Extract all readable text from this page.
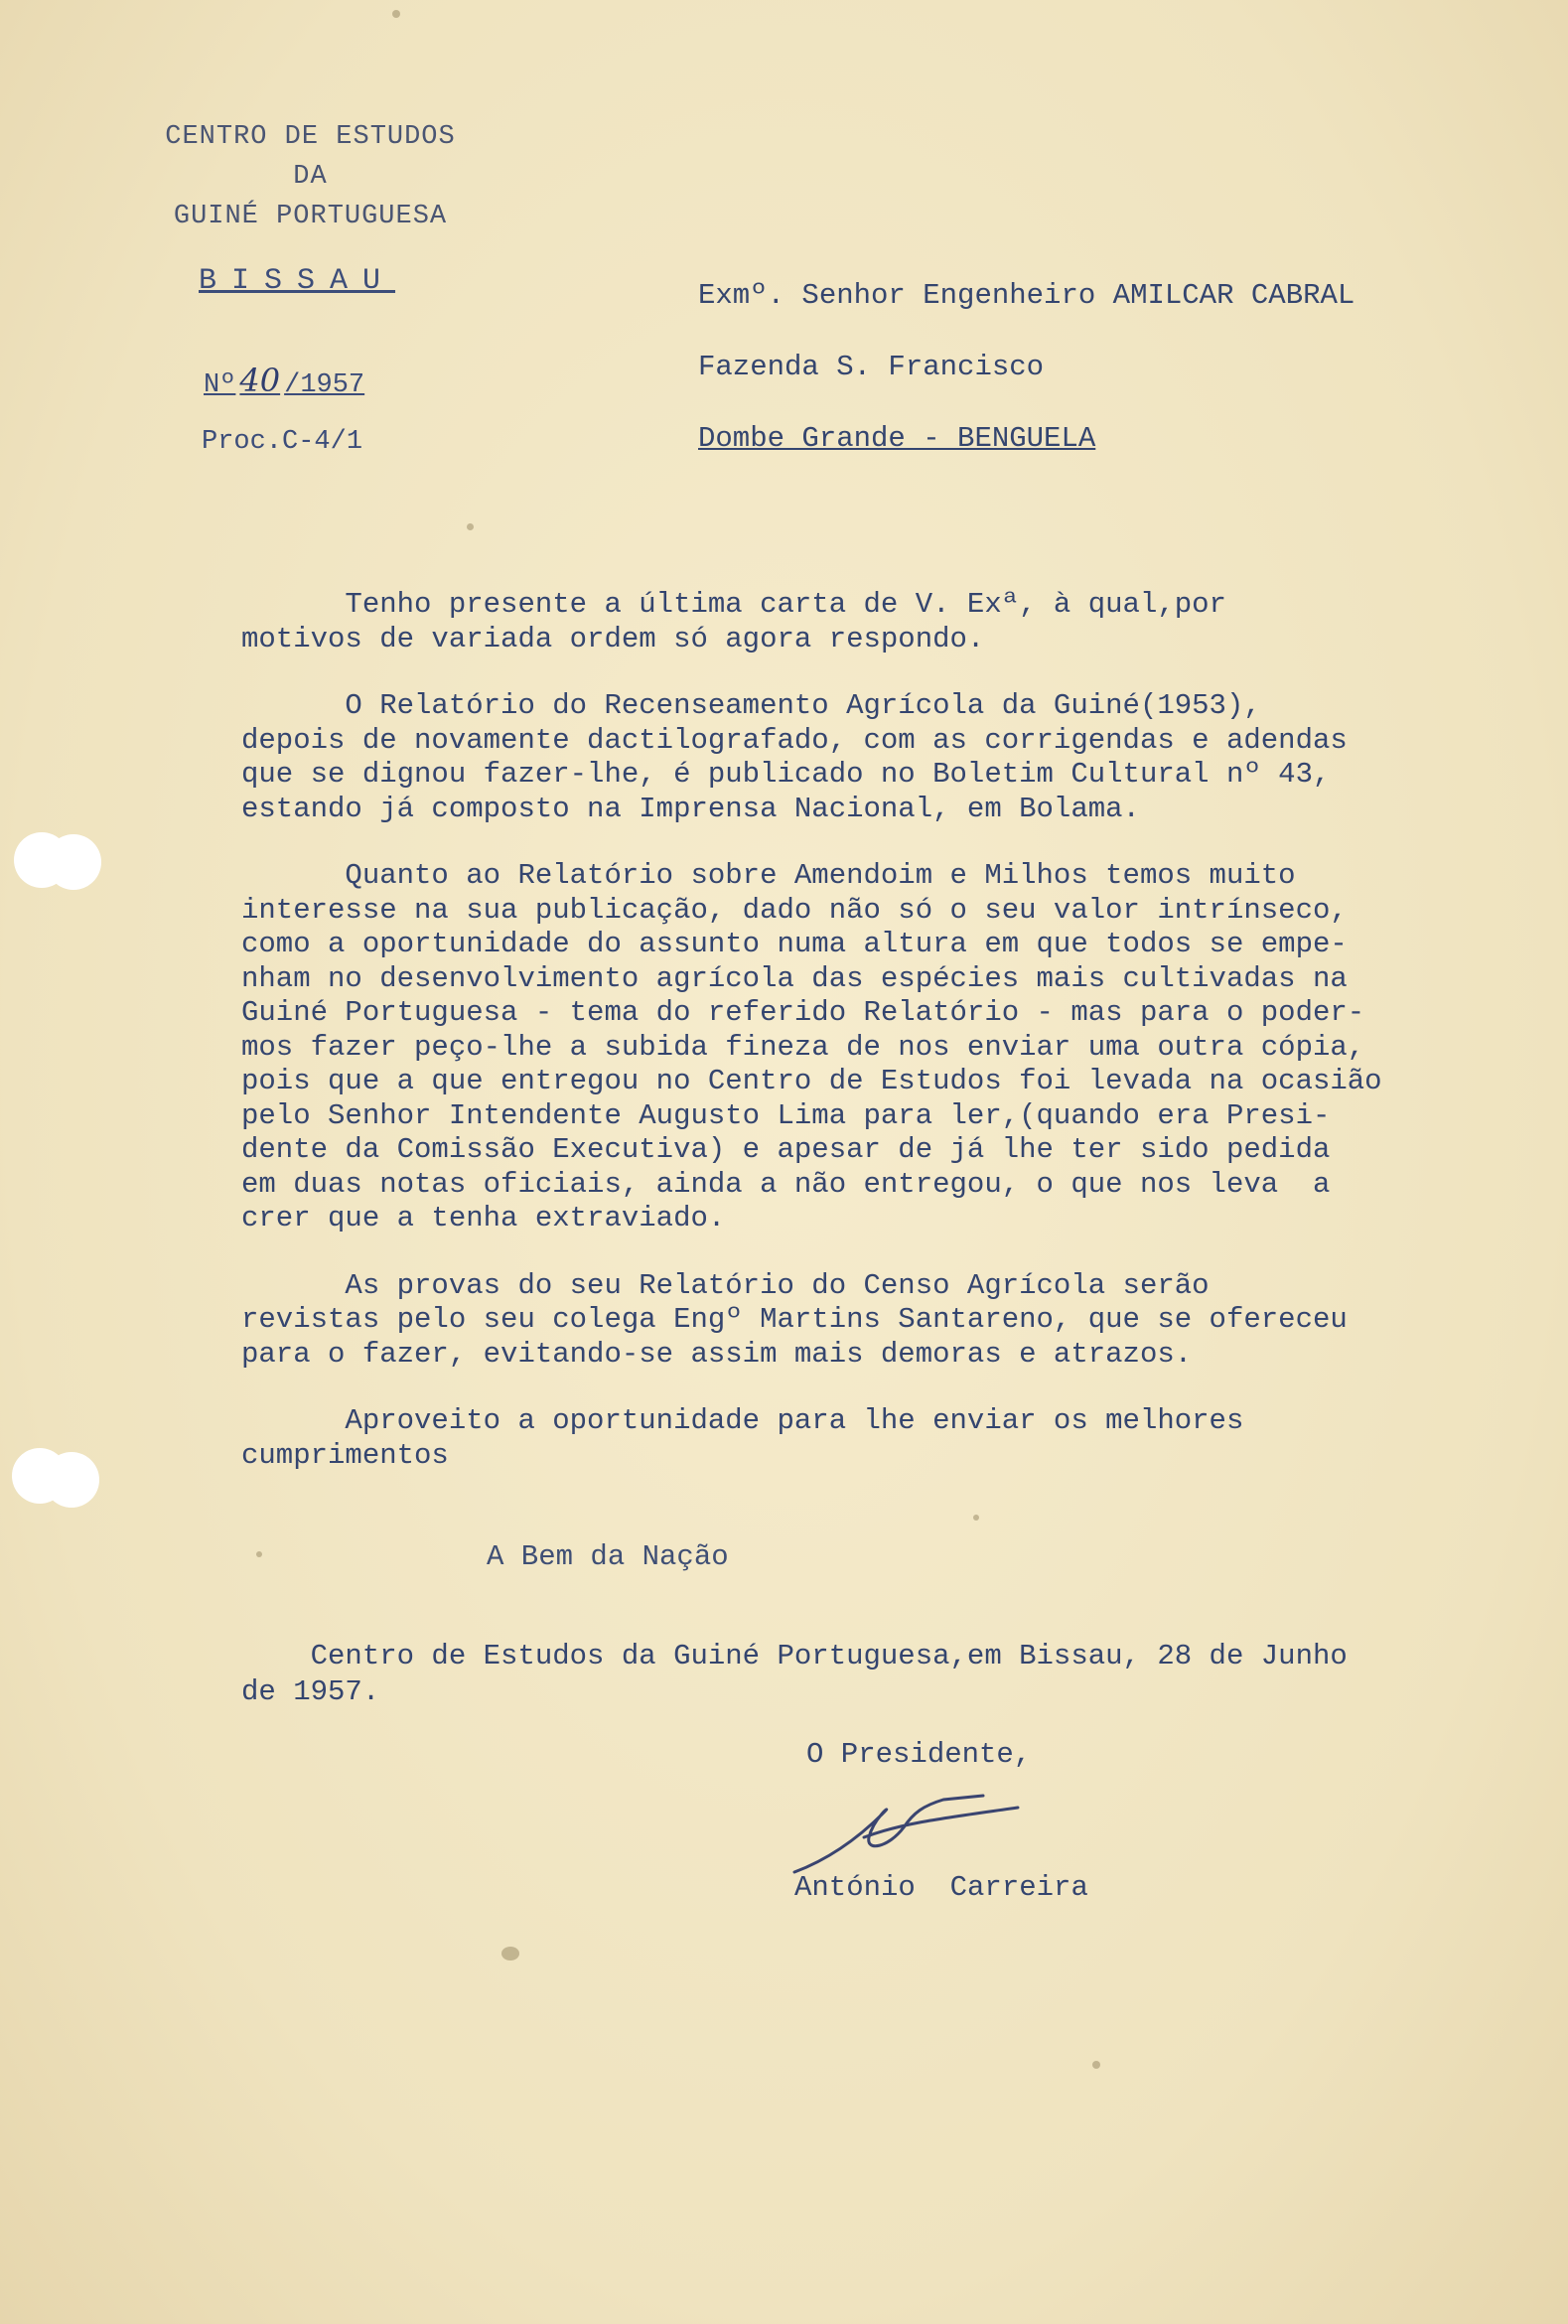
CENTRO DE ESTUDOS
DA
GUINÉ PORTUGUESA
BISSAU
Nº 40 /1957
Proc.C-4/1
Exmº. Senhor Engenheiro AMILCAR CABRAL
Fazenda S. Francisco
Dombe Grande - BENGUELA
Tenho presente a última carta de V. Exª, à qual,por
motivos de variada ordem só agora respondo.
O Relatório do Recenseamento Agrícola da Guiné(1953),
depois de novamente dactilografado, com as corrigendas e adendas
que se dignou fazer-lhe, é publicado no Boletim Cultural nº 43,
estando já composto na Imprensa Nacional, em Bolama.
Quanto ao Relatório sobre Amendoim e Milhos temos muito
interesse na sua publicação, dado não só o seu valor intrínseco,
como a oportunidade do assunto numa altura em que todos se empe-
nham no desenvolvimento agrícola das espécies mais cultivadas na
Guiné Portuguesa - tema do referido Relatório - mas para o poder-
mos fazer peço-lhe a subida fineza de nos enviar uma outra cópia,
pois que a que entregou no Centro de Estudos foi levada na ocasião
pelo Senhor Intendente Augusto Lima para ler,(quando era Presi-
dente da Comissão Executiva) e apesar de já lhe ter sido pedida
em duas notas oficiais, ainda a não entregou, o que nos leva  a
crer que a tenha extraviado.
As provas do seu Relatório do Censo Agrícola serão
revistas pelo seu colega Engº Martins Santareno, que se ofereceu
para o fazer, evitando-se assim mais demoras e atrazos.
Aproveito a oportunidade para lhe enviar os melhores
cumprimentos
A Bem da Nação
Centro de Estudos da Guiné Portuguesa,em Bissau, 28 de Junho
de 1957.
O Presidente,
António  Carreira
